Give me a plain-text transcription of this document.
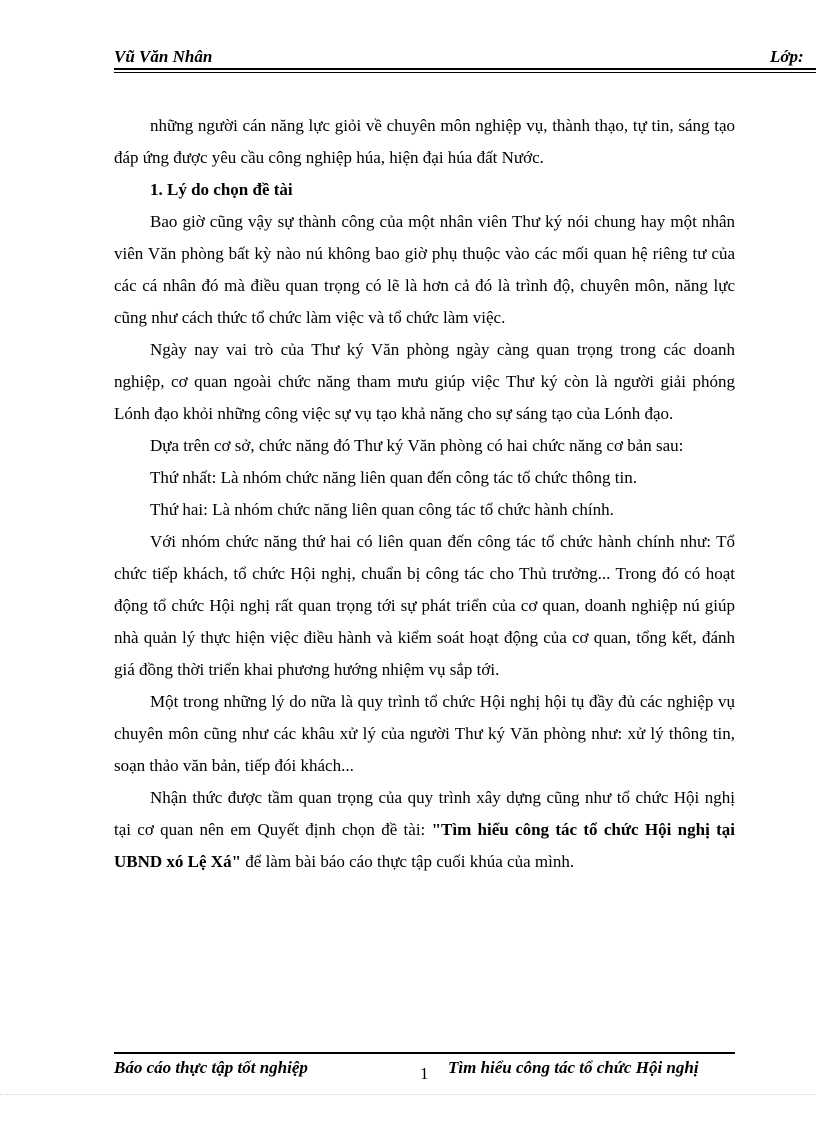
Vũ Văn Nhân	Lớp:

những người cán năng lực giỏi về chuyên môn nghiệp vụ, thành thạo, tự tin, sáng tạo đáp ứng được yêu cầu công nghiệp húa, hiện đại húa đất Nước.

1. Lý do chọn đề tài

Bao giờ cũng vậy sự thành công của một nhân viên Thư ký nói chung hay một nhân viên Văn phòng bất kỳ nào nú không bao giờ phụ thuộc vào các mối quan hệ riêng tư của các cá nhân đó mà điều quan trọng có lẽ là hơn cả đó là trình độ, chuyên môn, năng lực cũng như cách thức tổ chức làm việc và tổ chức làm việc.

Ngày nay vai trò của Thư ký Văn phòng ngày càng quan trọng trong các doanh nghiệp, cơ quan ngoài chức năng tham mưu giúp việc Thư ký còn là người giải phóng Lónh đạo khỏi những công việc sự vụ tạo khả năng cho sự sáng tạo của Lónh đạo.

Dựa trên cơ sở, chức năng đó Thư ký Văn phòng có hai chức năng cơ bản sau:

Thứ nhất: Là nhóm chức năng liên quan đến công tác tổ chức thông tin.

Thứ hai: Là nhóm chức năng liên quan công tác tổ chức hành chính.

Với nhóm chức năng thứ hai có liên quan đến công tác tổ chức hành chính như: Tổ chức tiếp khách, tổ chức Hội nghị, chuẩn bị công tác cho Thủ trưởng... Trong đó có hoạt động tổ chức Hội nghị rất quan trọng tới sự phát triển của cơ quan, doanh nghiệp nú giúp nhà quản lý thực hiện việc điều hành và kiểm soát hoạt động của cơ quan, tổng kết, đánh giá đồng thời triển khai phương hướng nhiệm vụ sắp tới.

Một trong những lý do nữa là quy trình tổ chức Hội nghị hội tụ đầy đủ các nghiệp vụ chuyên môn cũng như các khâu xử lý của người Thư ký Văn phòng như: xử lý thông tin, soạn thảo văn bản, tiếp đói khách...

Nhận thức được tầm quan trọng của quy trình xây dựng cũng như tổ chức Hội nghị tại cơ quan nên em Quyết định chọn đề tài: "Tìm hiểu công tác tổ chức Hội nghị tại UBND xó Lệ Xá" để làm bài báo cáo thực tập cuối khúa của mình.

Báo cáo thực tập tốt nghiệp	1 Tìm hiểu công tác tổ chức Hội nghị
